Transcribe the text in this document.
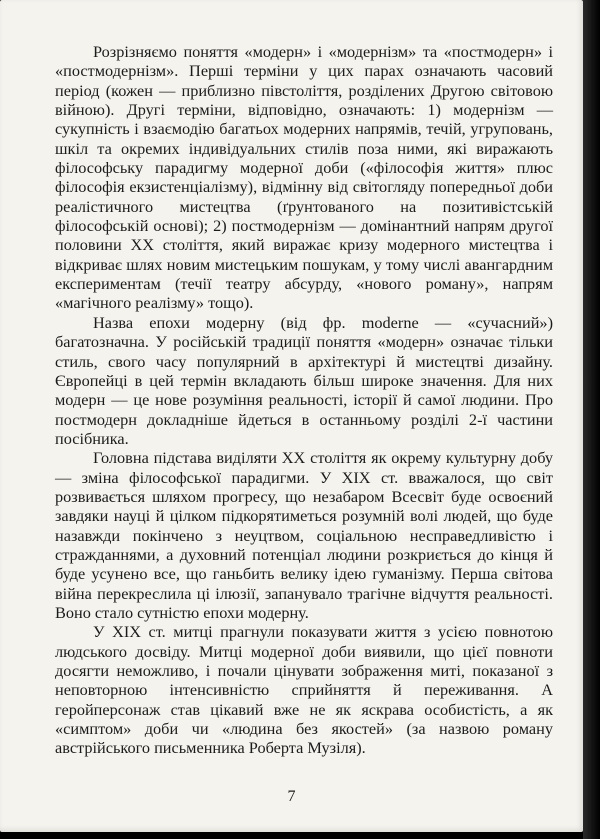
Розрізняємо поняття «модерн» і «модернізм» та «постмодерн» і «постмодернізм». Перші терміни у цих парах означають часовий період (кожен — приблизно півстоліття, розділених Другою світовою війною). Другі терміни, відповідно, означають: 1) модернізм — сукупність і взаємодію багатьох модерних напрямів, течій, угруповань, шкіл та окремих індивідуальних стилів поза ними, які виражають філософську парадигму модерної доби («філософія життя» плюс філософія екзистенціалізму), відмінну від світогляду попередньої доби реалістичного мистецтва (ґрунтованого на позитивістській філософській основі); 2) постмодернізм — домінантний напрям другої половини XX століття, який виражає кризу модерного мистецтва і відкриває шлях новим мистецьким пошукам, у тому числі авангардним експериментам (течії театру абсурду, «нового роману», напрям «магічного реалізму» тощо).

Назва епохи модерну (від фр. moderne — «сучасний») багатозначна. У російській традиції поняття «модерн» означає тільки стиль, свого часу популярний в архітектурі й мистецтві дизайну. Європейці в цей термін вкладають більш широке значення. Для них модерн — це нове розуміння реальності, історії й самої людини. Про постмодерн докладніше йдеться в останньому розділі 2-ї частини посібника.

Головна підстава виділяти XX століття як окрему культурну добу — зміна філософської парадигми. У XIX ст. вважалося, що світ розвивається шляхом прогресу, що незабаром Всесвіт буде освоєний завдяки науці й цілком підкорятиметься розумній волі людей, що буде назавжди покінчено з неуцтвом, соціальною несправедливістю і стражданнями, а духовний потенціал людини розкриється до кінця й буде усунено все, що ганьбить велику ідею гуманізму. Перша світова війна перекреслила ці ілюзії, запанувало трагічне відчуття реальності. Воно стало сутністю епохи модерну.

У XIX ст. митці прагнули показувати життя з усією повнотою людського досвіду. Митці модерної доби виявили, що цієї повноти досягти неможливо, і почали цінувати зображення миті, показаної з неповторною інтенсивністю сприйняття й переживання. А геройперсонаж став цікавий вже не як яскрава особистість, а як «симптом» доби чи «людина без якостей» (за назвою роману австрійського письменника Роберта Музіля).

7
